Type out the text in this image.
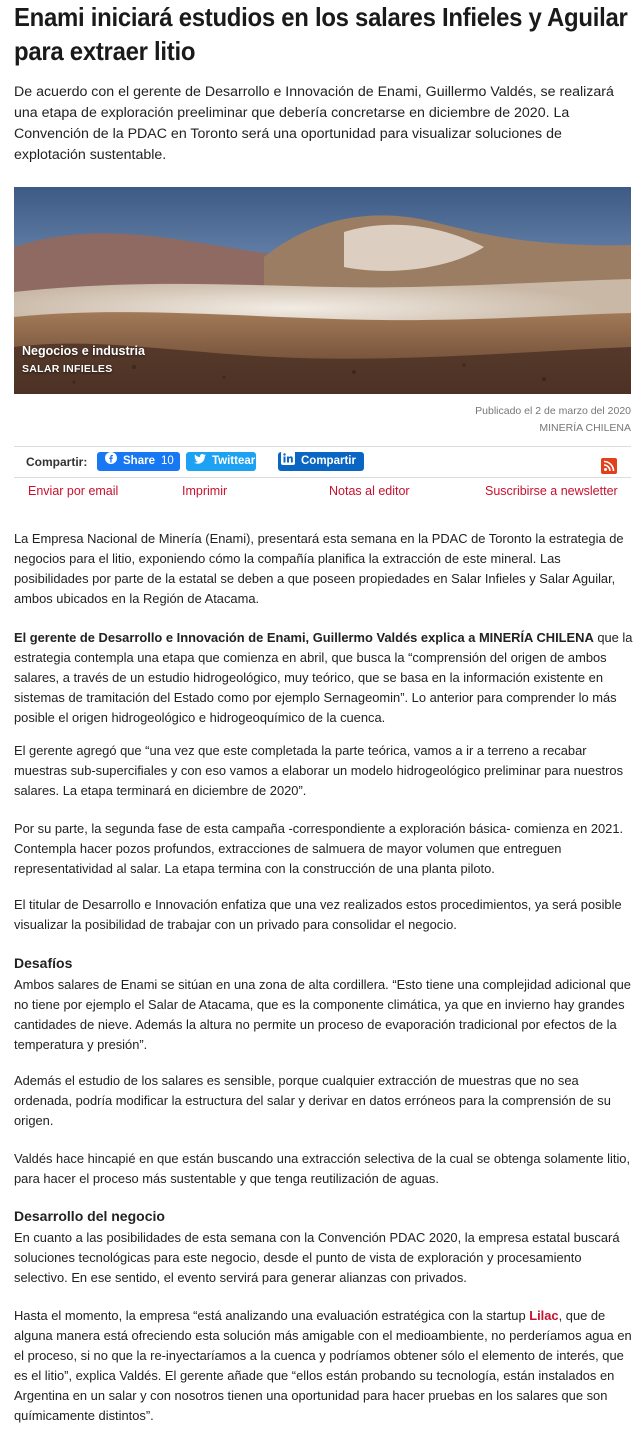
Enami iniciará estudios en los salares Infieles y Aguilar para extraer litio

De acuerdo con el gerente de Desarrollo e Innovación de Enami, Guillermo Valdés, se realizará una etapa de exploración preeliminar que debería concretarse en diciembre de 2020. La Convención de la PDAC en Toronto será una oportunidad para visualizar soluciones de explotación sustentable.

Negocios e industria
SALAR INFIELES
Publicado el 2 de marzo del 2020
MINERÍA CHILENA
Compartir:	Share 10	Twittear	Compartir
Enviar por email	Imprimir	Notas al editor	Suscribirse a newsletter

La Empresa Nacional de Minería (Enami), presentará esta semana en la PDAC de Toronto la estrategia de negocios para el litio, exponiendo cómo la compañía planifica la extracción de este mineral. Las posibilidades por parte de la estatal se deben a que poseen propiedades en Salar Infieles y Salar Aguilar, ambos ubicados en la Región de Atacama.

El gerente de Desarrollo e Innovación de Enami, Guillermo Valdés explica a MINERÍA CHILENA que la estrategia contempla una etapa que comienza en abril, que busca la “comprensión del origen de ambos salares, a través de un estudio hidrogeológico, muy teórico, que se basa en la información existente en sistemas de tramitación del Estado como por ejemplo Sernageomin”. Lo anterior para comprender lo más posible el origen hidrogeológico e hidrogeoquímico de la cuenca.

El gerente agregó que “una vez que este completada la parte teórica, vamos a ir a terreno a recabar muestras sub-supercifiales y con eso vamos a elaborar un modelo hidrogeológico preliminar para nuestros salares. La etapa terminará en diciembre de 2020”.

Por su parte, la segunda fase de esta campaña -correspondiente a exploración básica- comienza en 2021. Contempla hacer pozos profundos, extracciones de salmuera de mayor volumen que entreguen representatividad al salar. La etapa termina con la construcción de una planta piloto.

El titular de Desarrollo e Innovación enfatiza que una vez realizados estos procedimientos, ya será posible visualizar la posibilidad de trabajar con un privado para consolidar el negocio.

Desafíos

Ambos salares de Enami se sitúan en una zona de alta cordillera. “Esto tiene una complejidad adicional que no tiene por ejemplo el Salar de Atacama, que es la componente climática, ya que en invierno hay grandes cantidades de nieve. Además la altura no permite un proceso de evaporación tradicional por efectos de la temperatura y presión”.

Además el estudio de los salares es sensible, porque cualquier extracción de muestras que no sea ordenada, podría modificar la estructura del salar y derivar en datos erróneos para la comprensión de su origen.

Valdés hace hincapié en que están buscando una extracción selectiva de la cual se obtenga solamente litio, para hacer el proceso más sustentable y que tenga reutilización de aguas.

Desarrollo del negocio

En cuanto a las posibilidades de esta semana con la Convención PDAC 2020, la empresa estatal buscará soluciones tecnológicas para este negocio, desde el punto de vista de exploración y procesamiento selectivo. En ese sentido, el evento servirá para generar alianzas con privados.

Hasta el momento, la empresa “está analizando una evaluación estratégica con la startup Lilac, que de alguna manera está ofreciendo esta solución más amigable con el medioambiente, no perderíamos agua en el proceso, si no que la re-inyectaríamos a la cuenca y podríamos obtener sólo el elemento de interés, que es el litio”, explica Valdés. El gerente añade que “ellos están probando su tecnología, están instalados en Argentina en un salar y con nosotros tienen una oportunidad para hacer pruebas en los salares que son químicamente distintos”.
